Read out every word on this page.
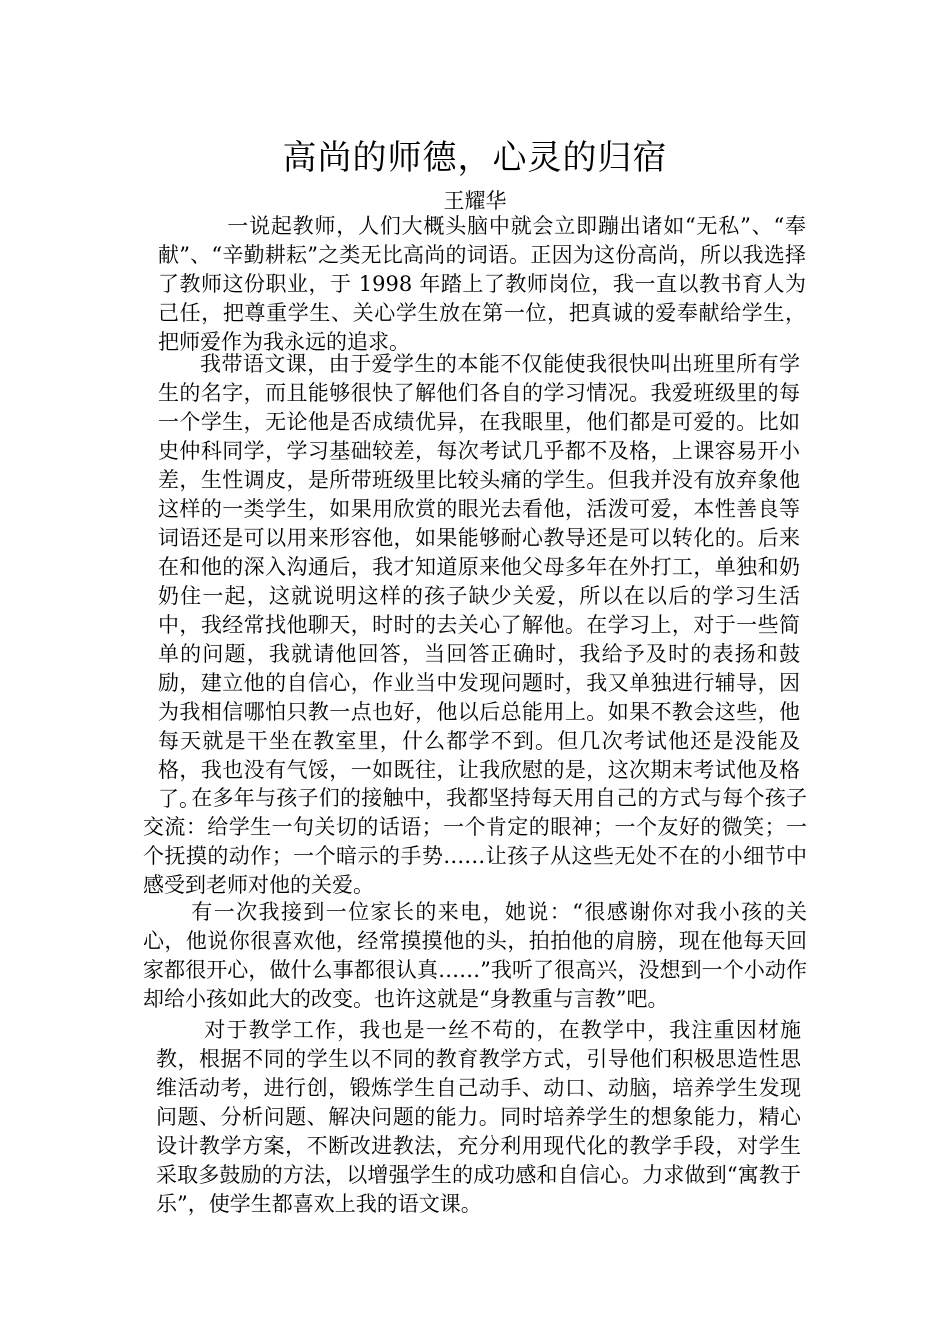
高尚的师德，心灵的归宿
王耀华

一说起教师，人们大概头脑中就会立即蹦出诸如“无私”、“奉献”、“辛勤耕耘”之类无比高尚的词语。正因为这份高尚，所以我选择了教师这份职业，于 1998 年踏上了教师岗位，我一直以教书育人为己任，把尊重学生、关心学生放在第一位，把真诚的爱奉献给学生，把师爱作为我永远的追求。

我带语文课，由于爱学生的本能不仅能使我很快叫出班里所有学生的名字，而且能够很快了解他们各自的学习情况。我爱班级里的每一个学生，无论他是否成绩优异，在我眼里，他们都是可爱的。比如史仲科同学，学习基础较差，每次考试几乎都不及格，上课容易开小差，生性调皮，是所带班级里比较头痛的学生。但我并没有放弃象他这样的一类学生，如果用欣赏的眼光去看他，活泼可爱，本性善良等词语还是可以用来形容他，如果能够耐心教导还是可以转化的。后来在和他的深入沟通后，我才知道原来他父母多年在外打工，单独和奶奶住一起，这就说明这样的孩子缺少关爱，所以在以后的学习生活中，我经常找他聊天，时时的去关心了解他。在学习上，对于一些简单的问题，我就请他回答，当回答正确时，我给予及时的表扬和鼓励，建立他的自信心，作业当中发现问题时，我又单独进行辅导，因为我相信哪怕只教一点也好，他以后总能用上。如果不教会这些，他每天就是干坐在教室里，什么都学不到。但几次考试他还是没能及格，我也没有气馁，一如既往，让我欣慰的是，这次期末考试他及格了。

在多年与孩子们的接触中，我都坚持每天用自己的方式与每个孩子交流：给学生一句关切的话语；一个肯定的眼神；一个友好的微笑；一个抚摸的动作；一个暗示的手势……让孩子从这些无处不在的小细节中感受到老师对他的关爱。

有一次我接到一位家长的来电，她说：“很感谢你对我小孩的关心，他说你很喜欢他，经常摸摸他的头，拍拍他的肩膀，现在他每天回家都很开心，做什么事都很认真……”我听了很高兴，没想到一个小动作却给小孩如此大的改变。也许这就是“身教重与言教”吧。

对于教学工作，我也是一丝不苟的，在教学中，我注重因材施教，根据不同的学生以不同的教育教学方式，引导他们积极思造性思维活动考，进行创，锻炼学生自己动手、动口、动脑，培养学生发现问题、分析问题、解决问题的能力。同时培养学生的想象能力，精心设计教学方案，不断改进教法，充分利用现代化的教学手段，对学生采取多鼓励的方法，以增强学生的成功感和自信心。力求做到“寓教于乐”，使学生都喜欢上我的语文课。
